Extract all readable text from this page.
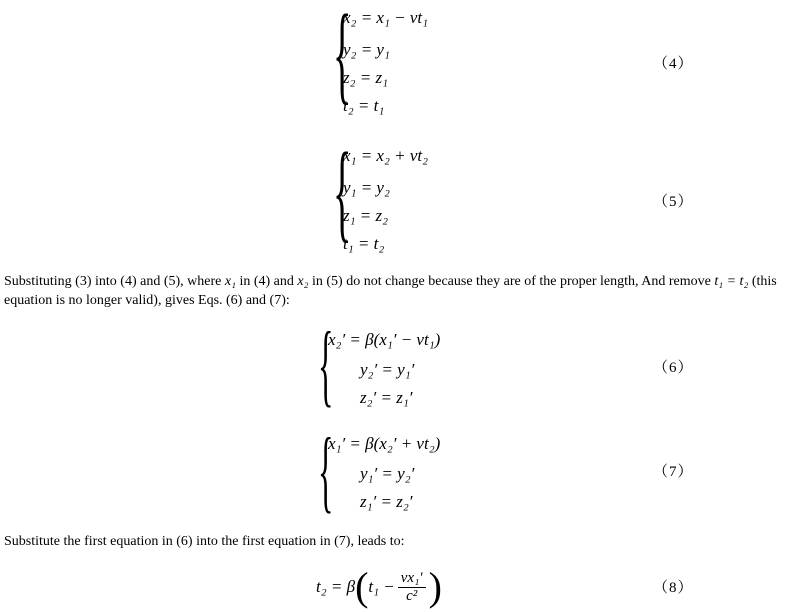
{
x₂ = x₁ − vt₁
y₂ = y₁
z₂ = z₁
t₂ = t₁
（4）
{
x₁ = x₂ + vt₂
y₁ = y₂
z₁ = z₂
t₁ = t₂
（5）
Substituting (3) into (4) and (5), where x₁ in (4) and x₂ in (5) do not change because they are of the proper length, And remove t₁ = t₂ (this equation is no longer valid), gives Eqs. (6) and (7):
{
x₂′ = β(x₁′ − vt₁)
y₂′ = y₁′
z₂′ = z₁′
（6）
{
x₁′ = β(x₂′ + vt₂)
y₁′ = y₂′
z₁′ = z₂′
（7）
Substitute the first equation in (6) into the first equation in (7), leads to:
t₂ = β ( $t_1 - \frac{\text{vx₁′}}{\text{c²}}$ )	（8）
